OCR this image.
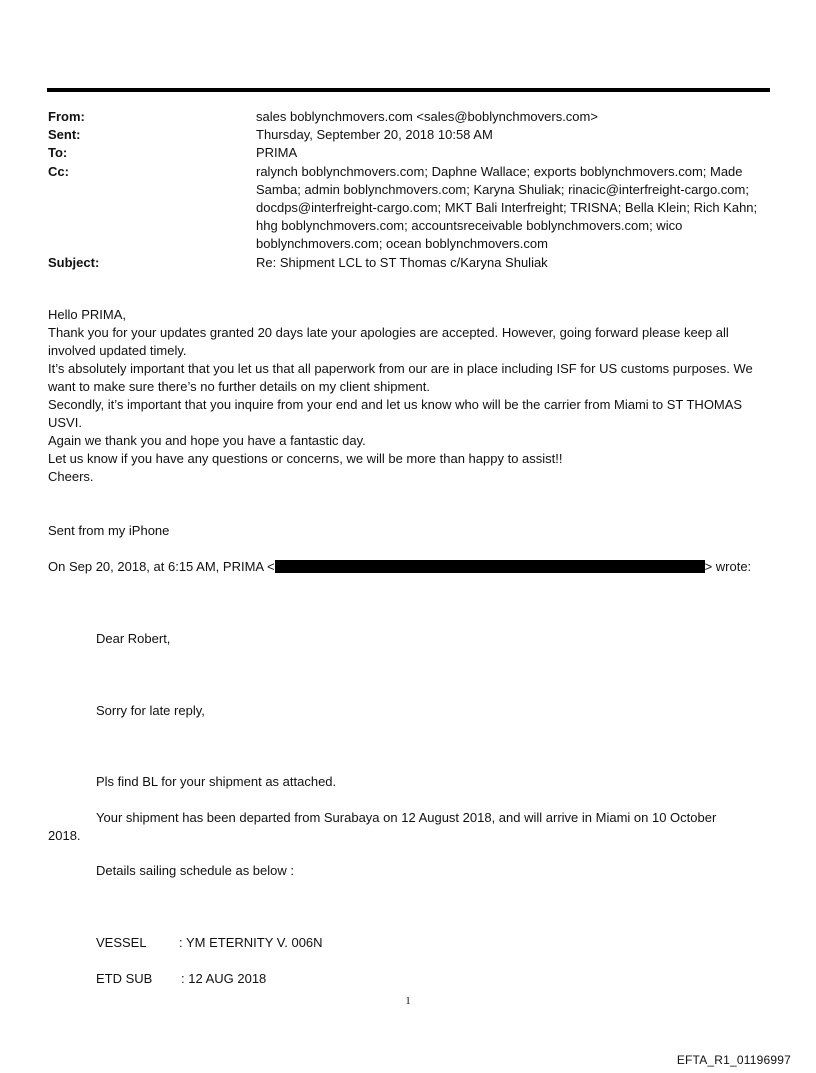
From:	sales boblynchmovers.com <sales@boblynchmovers.com>
Sent:	Thursday, September 20, 2018 10:58 AM
To:	PRIMA
Cc:	ralynch boblynchmovers.com; Daphne Wallace; exports boblynchmovers.com; Made Samba; admin boblynchmovers.com; Karyna Shuliak; rinacic@interfreight-cargo.com; docdps@interfreight-cargo.com; MKT Bali Interfreight; TRISNA; Bella Klein; Rich Kahn; hhg boblynchmovers.com; accountsreceivable boblynchmovers.com; wico boblynchmovers.com; ocean boblynchmovers.com
Subject:	Re: Shipment LCL to ST Thomas c/Karyna Shuliak

Hello PRIMA,

Thank you for your updates granted 20 days late your apologies are accepted. However, going forward please keep all involved updated timely.

It’s absolutely important that you let us that all paperwork from our are in place including ISF for US customs purposes. We want to make sure there’s no further details on my client shipment.

Secondly, it’s important that you inquire from your end and let us know who will be the carrier from Miami to ST THOMAS USVI.

Again we thank you and hope you have a fantastic day.

Let us know if you have any questions or concerns, we will be more than happy to assist!!

Cheers.

Sent from my iPhone
On Sep 20, 2018, at 6:15 AM, PRIMA <	> wrote:
Dear Robert,
Sorry for late reply,
Pls find BL for your shipment as attached.
Your shipment has been departed from Surabaya on 12 August 2018, and will arrive in Miami on 10 October 2018.
Details sailing schedule as below :
VESSEL : YM ETERNITY V. 006N
ETD SUB : 12 AUG 2018
1
EFTA_R1_01196997
